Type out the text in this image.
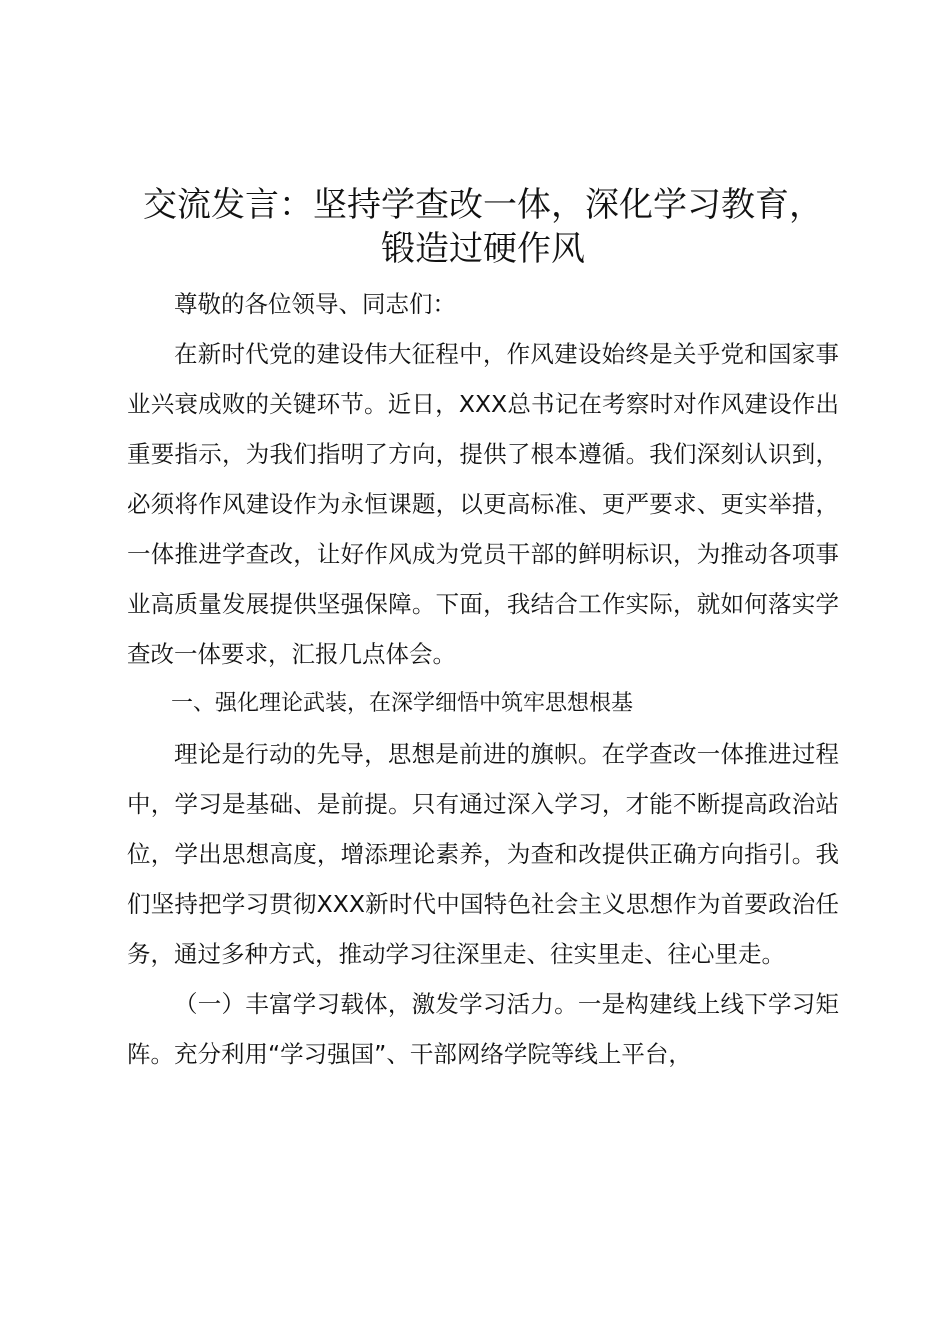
交流发言：坚持学查改一体，深化学习教育，
锻造过硬作风

尊敬的各位领导、同志们：

在新时代党的建设伟大征程中，作风建设始终是关乎党和国家事业兴衰成败的关键环节。近日，XXX总书记在考察时对作风建设作出重要指示，为我们指明了方向，提供了根本遵循。我们深刻认识到，必须将作风建设作为永恒课题，以更高标准、更严要求、更实举措，一体推进学查改，让好作风成为党员干部的鲜明标识，为推动各项事业高质量发展提供坚强保障。下面，我结合工作实际，就如何落实学查改一体要求，汇报几点体会。

一、强化理论武装，在深学细悟中筑牢思想根基

理论是行动的先导，思想是前进的旗帜。在学查改一体推进过程中，学习是基础、是前提。只有通过深入学习，才能不断提高政治站位，学出思想高度，增添理论素养，为查和改提供正确方向指引。我们坚持把学习贯彻XXX新时代中国特色社会主义思想作为首要政治任务，通过多种方式，推动学习往深里走、往实里走、往心里走。

（一）丰富学习载体，激发学习活力。一是构建线上线下学习矩阵。充分利用“学习强国”、干部网络学院等线上平台，
